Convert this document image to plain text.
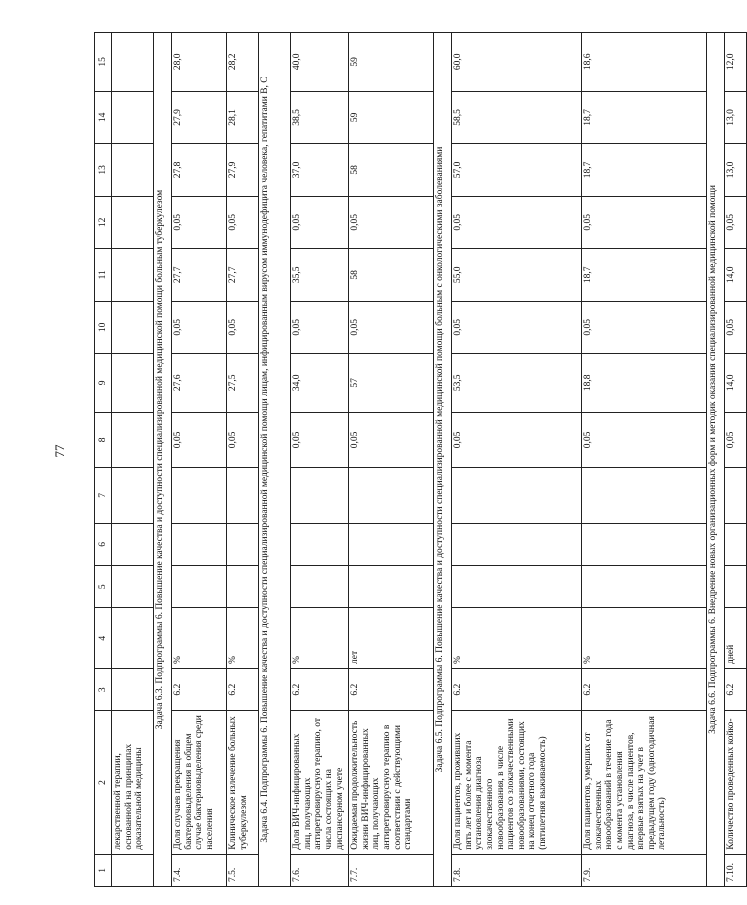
77
1	2	3	4	5	6	7	8	9	10	11	12	13	14	15
	лекарственной терапии, основанной на принципах доказательной медицины													
Задача 6.3. Подпрограммы 6. Повышение качества и доступности специализированной медицинской помощи больным туберкулезом														
7.4.	Доля случаев прекращения бактериовыделения в общем случае бактериовыделения среди населения	6.2	%				0,05	27,6	0,05	27,7	0,05	27,8	27,9	28,0
7.5.	Клиническое излечение больных туберкулезом	6.2	%				0,05	27,5	0,05	27,7	0,05	27,9	28,1	28,2
Задача 6.4. Подпрограммы 6. Повышение качества и доступности специализированной медицинской помощи лицам, инфицированным вирусом иммунодефицита человека, гепатитами В, С														
7.6.	Доля ВИЧ-инфицированных лиц, получающих антиретровирусную терапию, от числа состоящих на диспансерном учете	6.2	%				0,05	34,0	0,05	35,5	0,05	37,0	38,5	40,0
7.7.	Ожидаемая продолжительность жизни ВИЧ-инфицированных лиц, получающих антиретровирусную терапию в соответствии с действующими стандартами	6.2	лет				0,05	57	0,05	58	0,05	58	59	59
Задача 6.5. Подпрограммы 6. Повышение качества и доступности специализированной медицинской помощи больным с онкологическими заболеваниями														
7.8.	Доля пациентов, проживших пять лет и более с момента установления диагноза злокачественного новообразования, в числе пациентов со злокачественными новообразованиями, состоящих на конец отчетного года (пятилетняя выживаемость)	6.2	%				0,05	53,5	0,05	55,0	0,05	57,0	58,5	60,0
7.9.	Доля пациентов, умерших от злокачественных новообразований в течение года с момента установления диагноза, в числе пациентов, впервые взятых на учет в предыдущем году (одногодичная летальность)	6.2	%				0,05	18,8	0,05	18,7	0,05	18,7	18,7	18,6
Задача 6.6. Подпрограммы 6. Внедрение новых организационных форм и методик оказания специализированной медицинской помощи														
7.10.	Количество проведенных койко-	6.2	дней				0,05	14,0	0,05	14,0	0,05	13,0	13,0	12,0
